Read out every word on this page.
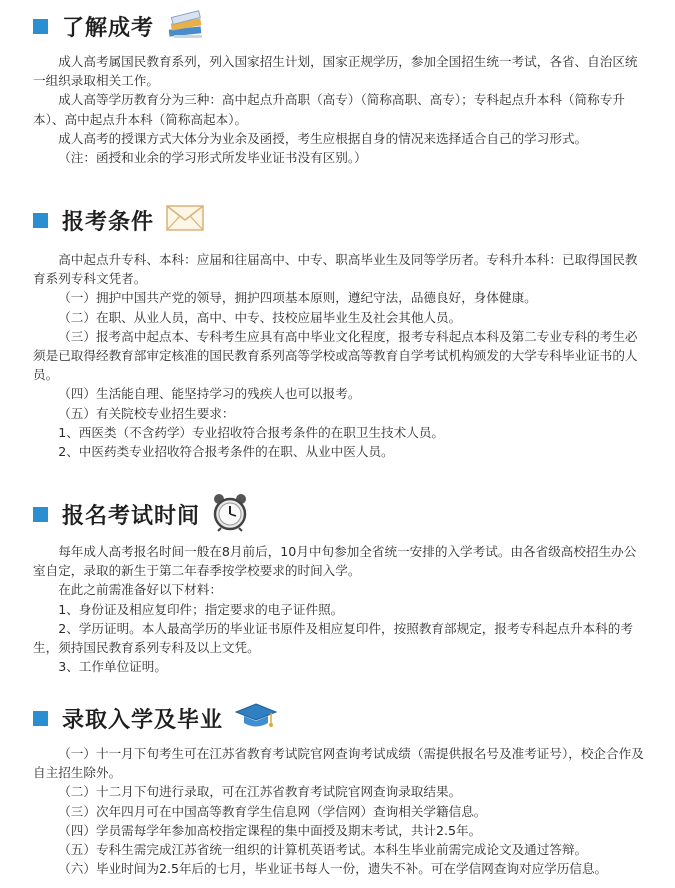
了解成考

成人高考属国民教育系列，列入国家招生计划，国家正规学历，参加全国招生统一考试，各省、自治区统一组织录取相关工作。

成人高等学历教育分为三种：高中起点升高职（高专）（简称高职、高专）；专科起点升本科（简称专升本）、高中起点升本科（简称高起本）。

成人高考的授课方式大体分为业余及函授，考生应根据自身的情况来选择适合自己的学习形式。

（注：函授和业余的学习形式所发毕业证书没有区别。）

报考条件

高中起点升专科、本科：应届和往届高中、中专、职高毕业生及同等学历者。专科升本科：已取得国民教育系列专科文凭者。

（一）拥护中国共产党的领导，拥护四项基本原则，遵纪守法，品德良好，身体健康。

（二）在职、从业人员，高中、中专、技校应届毕业生及社会其他人员。

（三）报考高中起点本、专科考生应具有高中毕业文化程度，报考专科起点本科及第二专业专科的考生必须是已取得经教育部审定核准的国民教育系列高等学校或高等教育自学考试机构颁发的大学专科毕业证书的人员。

（四）生活能自理、能坚持学习的残疾人也可以报考。

（五）有关院校专业招生要求：

1、西医类（不含药学）专业招收符合报考条件的在职卫生技术人员。

2、中医药类专业招收符合报考条件的在职、从业中医人员。

报名考试时间

每年成人高考报名时间一般在8月前后，10月中旬参加全省统一安排的入学考试。由各省级高校招生办公室自定，录取的新生于第二年春季按学校要求的时间入学。

在此之前需准备好以下材料：

1、身份证及相应复印件；指定要求的电子证件照。

2、学历证明。本人最高学历的毕业证书原件及相应复印件，按照教育部规定，报考专科起点升本科的考生，须持国民教育系列专科及以上文凭。

3、工作单位证明。

录取入学及毕业

（一）十一月下旬考生可在江苏省教育考试院官网查询考试成绩（需提供报名号及准考证号），校企合作及自主招生除外。

（二）十二月下旬进行录取，可在江苏省教育考试院官网查询录取结果。

（三）次年四月可在中国高等教育学生信息网（学信网）查询相关学籍信息。

（四）学员需每学年参加高校指定课程的集中面授及期末考试，共计2.5年。

（五）专科生需完成江苏省统一组织的计算机英语考试。本科生毕业前需完成论文及通过答辩。

（六）毕业时间为2.5年后的七月，毕业证书每人一份，遗失不补。可在学信网查询对应学历信息。
